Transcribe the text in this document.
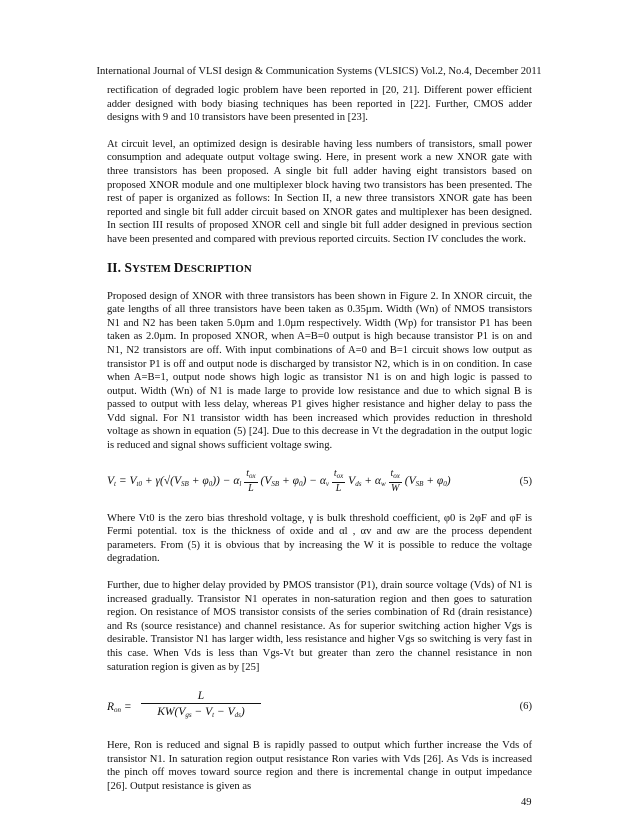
International Journal of VLSI design & Communication Systems (VLSICS) Vol.2, No.4, December 2011

rectification of degraded logic problem have been reported in [20, 21]. Different power efficient adder designed with body biasing techniques has been reported in [22]. Further, CMOS adder designs with 9 and 10 transistors have been presented in [23].

At circuit level, an optimized design is desirable having less numbers of transistors, small power consumption and adequate output voltage swing. Here, in present work a new XNOR gate with three transistors has been proposed. A single bit full adder having eight transistors based on proposed XNOR module and one multiplexer block having two transistors has been presented. The rest of paper is organized as follows: In Section II, a new three transistors XNOR gate has been reported and single bit full adder circuit based on XNOR gates and multiplexer has been designed. In section III results of proposed XNOR cell and single bit full adder designed in previous section have been presented and compared with previous reported circuits. Section IV concludes the work.

II. SYSTEM DESCRIPTION

Proposed design of XNOR with three transistors has been shown in Figure 2. In XNOR circuit, the gate lengths of all three transistors have been taken as 0.35µm. Width (Wn) of NMOS transistors N1 and N2 has been taken 5.0µm and 1.0µm respectively. Width (Wp) for transistor P1 has been taken as 2.0µm. In proposed XNOR, when A=B=0 output is high because transistor P1 is on and N1, N2 transistors are off. With input combinations of A=0 and B=1 circuit shows low output as transistor P1 is off and output node is discharged by transistor N2, which is in on condition. In case when A=B=1, output node shows high logic as transistor N1 is on and high logic is passed to output. Width (Wn) of N1 is made large to provide low resistance and due to which signal B is passed to output with less delay, whereas P1 gives higher resistance and higher delay to pass the Vdd signal. For N1 transistor width has been increased which provides reduction in threshold voltage as shown in equation (5) [24]. Due to this decrease in Vt the degradation in the output logic is reduced and signal shows sufficient voltage swing.

$V_t = V_{t0} + \gamma(√(V_{SB} + \varphi_0)) - \alpha_l \frac{t_{ox}}{L} (V_{SB} + \varphi_0) - \alpha_v \frac{t_{ox}}{L} V_{ds} + \alpha_w \frac{t_{ox}}{W} (V_{SB} + \varphi_0)$	(5)

Where Vt0 is the zero bias threshold voltage, γ is bulk threshold coefficient, φ0 is 2φF and φF is Fermi potential. tox is the thickness of oxide and αl , αv and αw are the process dependent parameters. From (5) it is obvious that by increasing the W it is possible to reduce the voltage degradation.

Further, due to higher delay provided by PMOS transistor (P1), drain source voltage (Vds) of N1 is increased gradually. Transistor N1 operates in non-saturation region and then goes to saturation region. On resistance of MOS transistor consists of the series combination of Rd (drain resistance) and Rs (source resistance) and channel resistance. As for superior switching action higher Vgs is desirable. Transistor N1 has larger width, less resistance and higher Vgs so switching is very fast in this case. When Vds is less than Vgs-Vt but greater than zero the channel resistance in non saturation region is given as by [25]

$R_{on}$ =
L
$KW(V_{gs} - V_t - V_{ds})$	(6)

Here, Ron is reduced and signal B is rapidly passed to output which further increase the Vds of transistor N1. In saturation region output resistance Ron varies with Vds [26]. As Vds is increased the pinch off moves toward source region and there is incremental change in output impedance [26]. Output resistance is given as

49
